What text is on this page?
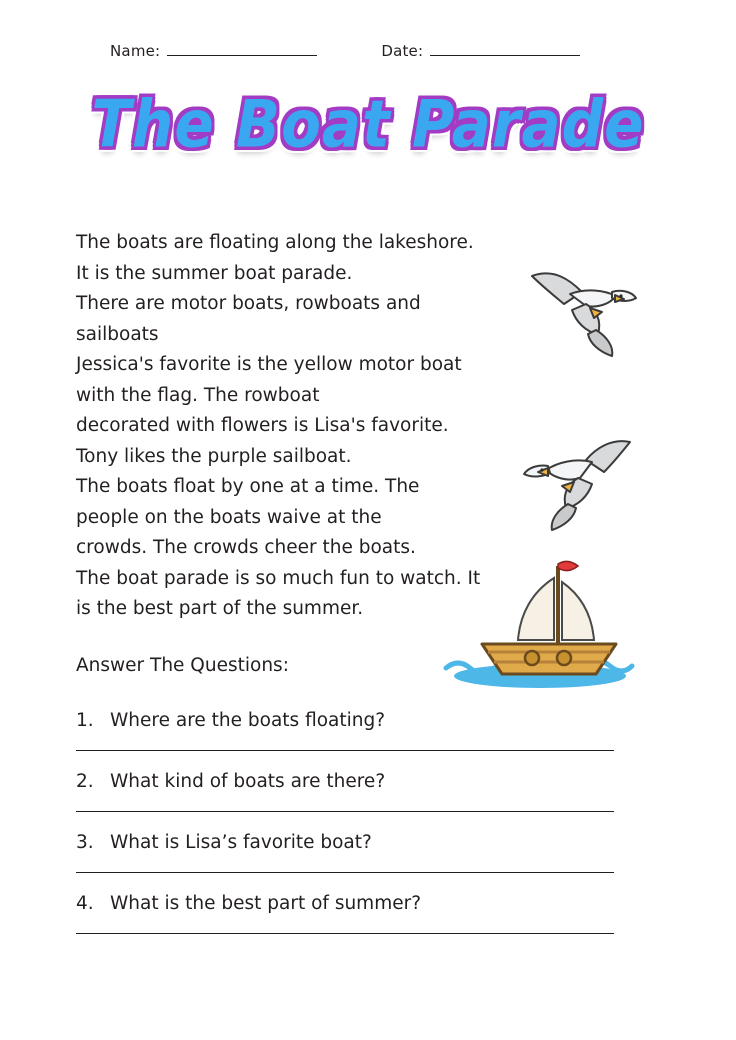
Name:	Date:
The Boat Parade

The boats are floating along the lakeshore.

It is the summer boat parade.

There are motor boats, rowboats and

sailboats

Jessica's favorite is the yellow motor boat

with the flag. The rowboat

decorated with flowers is Lisa's favorite.

Tony likes the purple sailboat.

The boats float by one at a time. The

people on the boats waive at the

crowds. The crowds cheer the boats.

The boat parade is so much fun to watch. It

is the best part of the summer.

Answer The Questions:
1. Where are the boats floating?
2. What kind of boats are there?
3. What is Lisa’s favorite boat?
4. What is the best part of summer?
